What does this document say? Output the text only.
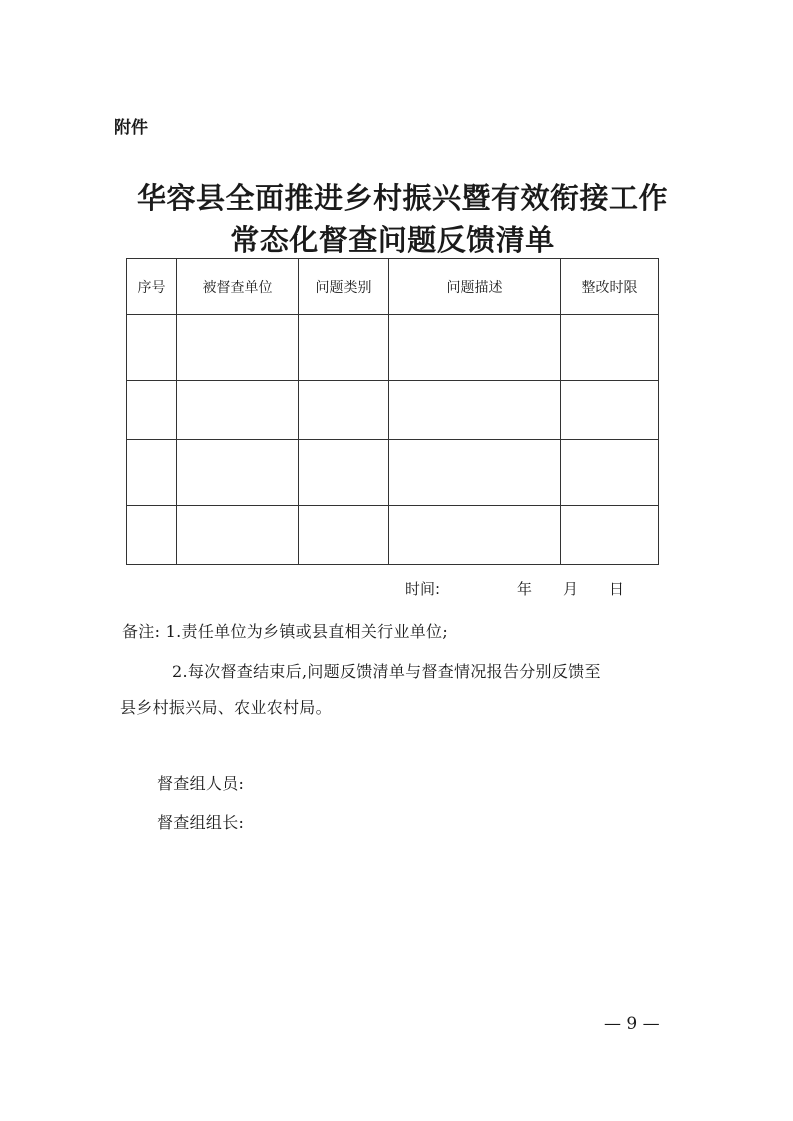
附件
华容县全面推进乡村振兴暨有效衔接工作
常态化督查问题反馈清单
序号	被督查单位	问题类别	问题描述	整改时限

时间:	年 月 日
备注: 1.责任单位为乡镇或县直相关行业单位;
2.每次督查结束后,问题反馈清单与督查情况报告分别反馈至
县乡村振兴局、农业农村局。
督查组人员:
督查组组长:
— 9 —
